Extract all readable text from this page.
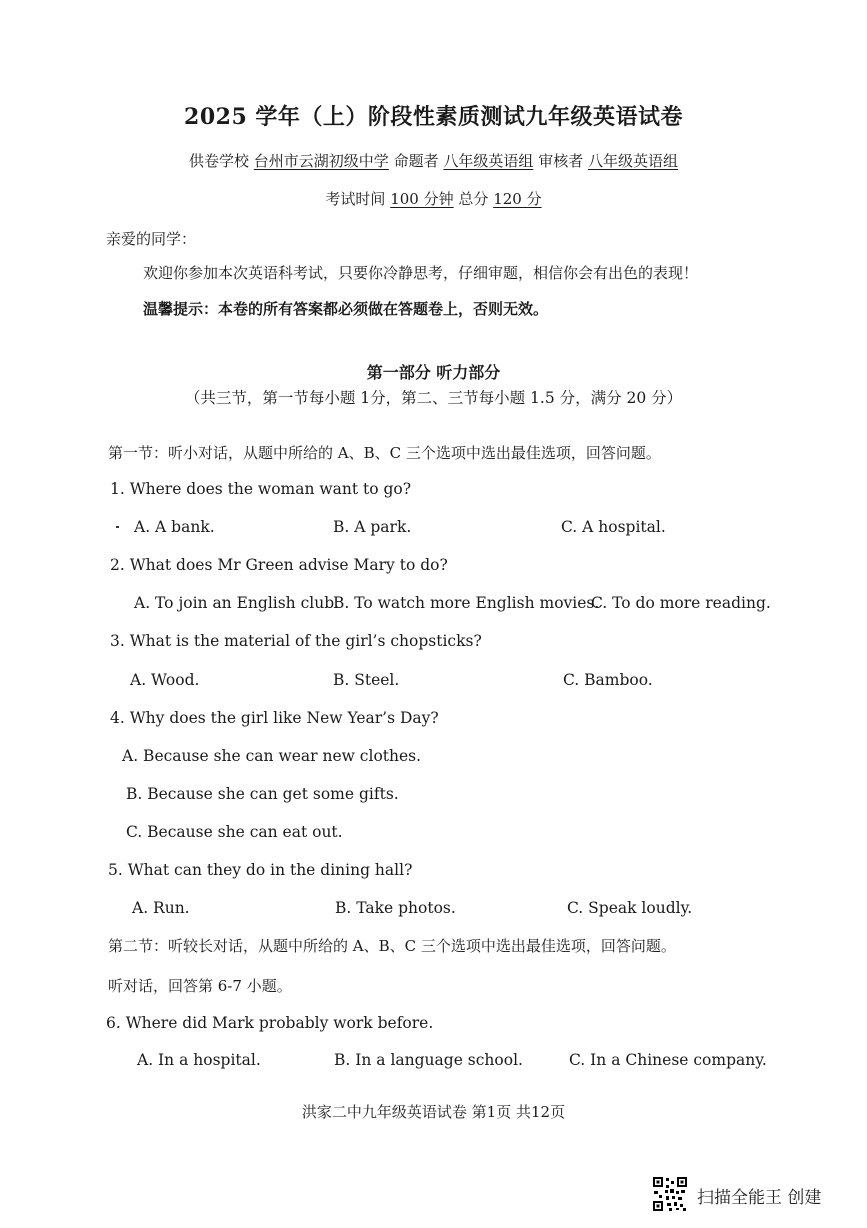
2025 学年（上）阶段性素质测试九年级英语试卷
供卷学校 台州市云湖初级中学 命题者 八年级英语组 审核者 八年级英语组
考试时间 100 分钟 总分 120 分
亲爱的同学：
欢迎你参加本次英语科考试，只要你冷静思考，仔细审题，相信你会有出色的表现！
温馨提示：本卷的所有答案都必须做在答题卷上，否则无效。
第一部分 听力部分
（共三节，第一节每小题 1分，第二、三节每小题 1.5 分，满分 20 分）
第一节：听小对话，从题中所给的 A、B、C 三个选项中选出最佳选项，回答问题。
1. Where does the woman want to go?
A. A bank.	B. A park.	C. A hospital.
2. What does Mr Green advise Mary to do?
A. To join an English club.
B. To watch more English movies.
C. To do more reading.
3. What is the material of the girl’s chopsticks?
A. Wood.	B. Steel.	C. Bamboo.
4. Why does the girl like New Year’s Day?
A. Because she can wear new clothes.
B. Because she can get some gifts.
C. Because she can eat out.
5. What can they do in the dining hall?
A. Run.	B. Take photos.	C. Speak loudly.
第二节：听较长对话，从题中所给的 A、B、C 三个选项中选出最佳选项，回答问题。
听对话，回答第 6-7 小题。
6. Where did Mark probably work before.
A. In a hospital.	B. In a language school.	C. In a Chinese company.
洪家二中九年级英语试卷 第1页 共12页
扫描全能王 创建
